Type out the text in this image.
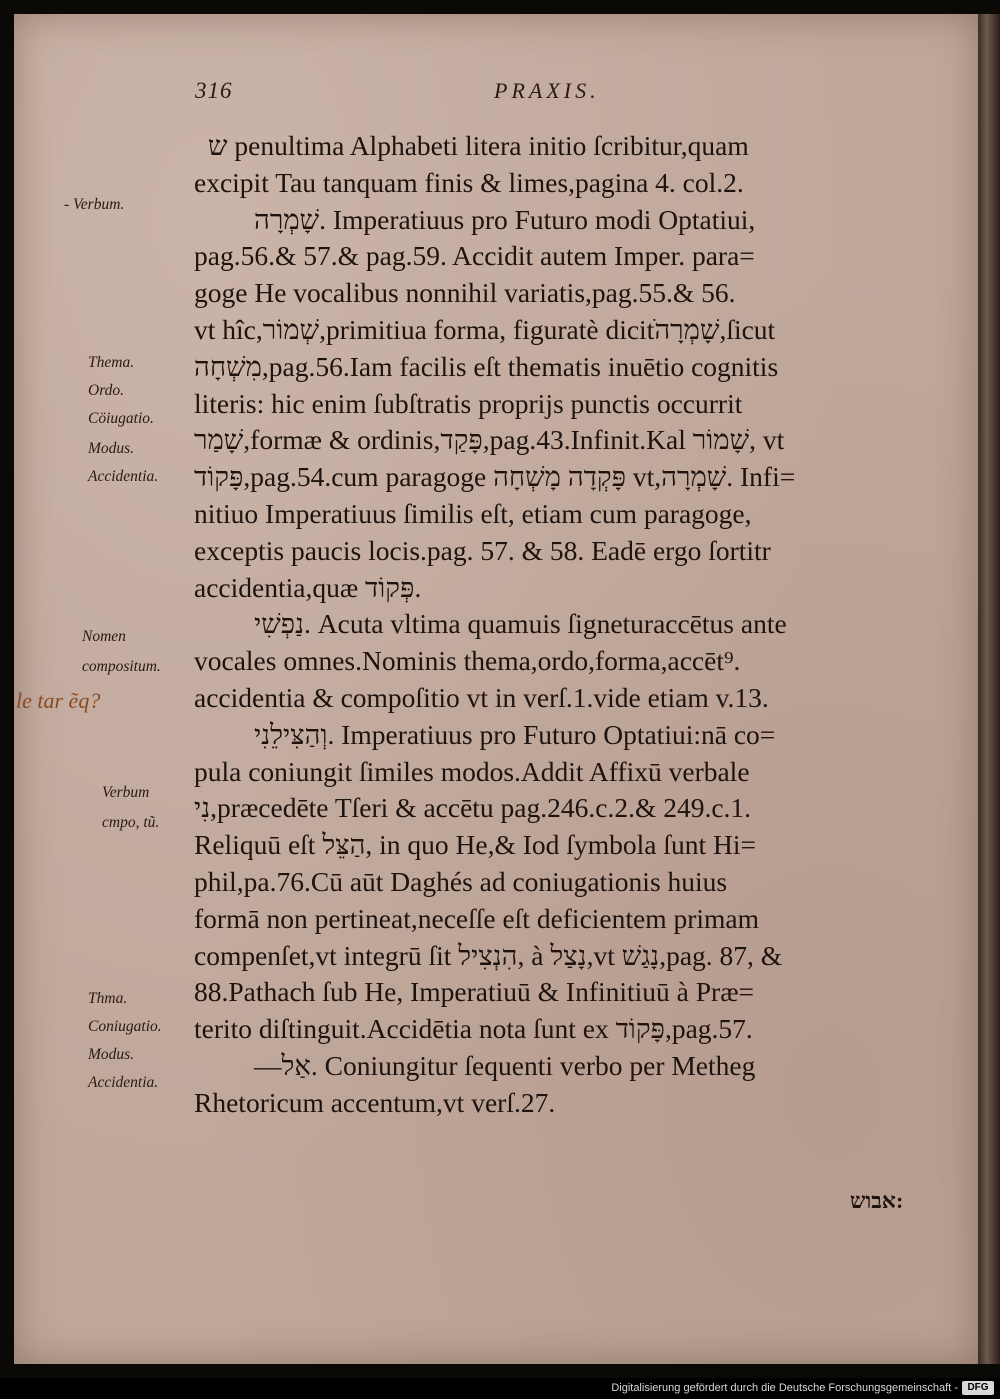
316	PRAXIS.
- Verbum.
Thema.
Ordo.
Cöiugatio.
Modus.
Accidentia.
Nomen
compositum.
le tar ẽq?
Verbum
cmpo, tũ.
Thma.
Coniugatio.
Modus.
Accidentia.
ש penultima Alphabeti litera initio ſcribitur,quam
excipit Tau tanquam finis & limes,pagina 4. col.2.
שָׁמְרָה. Imperatiuus pro Futuro modi Optatiui,
pag.56.& 57.& pag.59. Accidit autem Imper. para=
goge He vocalibus nonnihil variatis,pag.55.& 56.
vt hîc,שְׁמוֹר,primitiua forma, figuratè dicitׁשָׁמְרָה,ſicut
מִשְׁחָה,pag.56.Iam facilis eſt thematis inuētio cognitis
literis: hic enim ſubſtratis proprijs punctis occurrit
שָׁמַר,formæ & ordinis,פָּקַד,pag.43.Infinit.Kal שָׁמוֹר, vt
פָּקוֹד,pag.54.cum paragoge פָּקְדָה מָשְׁחָה vt,שָׁמְרָה. Infi=
nitiuo Imperatiuus ſimilis eſt, etiam cum paragoge,
exceptis paucis locis.pag. 57. & 58. Eadē ergo ſortitr
accidentia,quæ פְּקוֹד.
נַפְשִׁי. Acuta vltima quamuis ſigneturaccētus ante
vocales omnes.Nominis thema,ordo,forma,accēt⁹.
accidentia & compoſitio vt in verſ.1.vide etiam v.13.
וְהַצִּילֵנִי. Imperatiuus pro Futuro Optatiui:nā co=
pula coniungit ſimiles modos.Addit Affixū verbale
נִי,præcedēte Tſeri & accētu pag.246.c.2.& 249.c.1.
Reliquū eſt הַצֵּל, in quo He,& Iod ſymbola ſunt Hi=
phil,pa.76.Cū aūt Daghés ad coniugationis huius
formā non pertineat,neceſſe eſt deficientem primam
compenſet,vt integrū ſit הִנְצִיל, à נָצַל,vt נָגַשׁ,pag. 87, &
88.Pathach ſub He, Imperatiuū & Infinitiuū à Præ=
terito diſtinguit.Accidētia nota ſunt ex פָּקוֹד,pag.57.
—אַל. Coniungitur ſequenti verbo per Metheg
Rhetoricum accentum,vt verſ.27.
אבוש:
Digitalisierung gefördert durch die Deutsche Forschungsgemeinschaft - DFG
